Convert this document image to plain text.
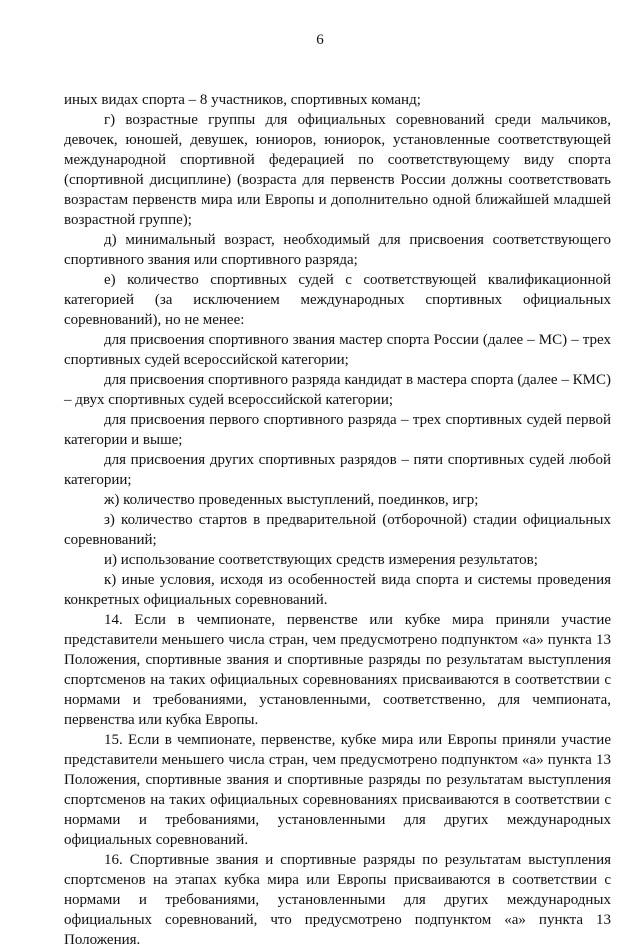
6

иных видах спорта – 8 участников, спортивных команд;

г) возрастные группы для официальных соревнований среди мальчиков, девочек, юношей, девушек, юниоров, юниорок, установленные соответствующей международной спортивной федерацией по соответствующему виду спорта (спортивной дисциплине) (возраста для первенств России должны соответствовать возрастам первенств мира или Европы и дополнительно одной ближайшей младшей возрастной группе);

д) минимальный возраст, необходимый для присвоения соответствующего спортивного звания или спортивного разряда;

е) количество спортивных судей с соответствующей квалификационной категорией (за исключением международных спортивных официальных соревнований), но не менее:

для присвоения спортивного звания мастер спорта России (далее – МС) – трех спортивных судей всероссийской категории;

для присвоения спортивного разряда кандидат в мастера спорта (далее – КМС) – двух спортивных судей всероссийской категории;

для присвоения первого спортивного разряда – трех спортивных судей первой категории и выше;

для присвоения других спортивных разрядов – пяти спортивных судей любой категории;

ж) количество проведенных выступлений, поединков, игр;

з) количество стартов в предварительной (отборочной) стадии официальных соревнований;

и) использование соответствующих средств измерения результатов;

к) иные условия, исходя из особенностей вида спорта и системы проведения конкретных официальных соревнований.

14. Если в чемпионате, первенстве или кубке мира приняли участие представители меньшего числа стран, чем предусмотрено подпунктом «а» пункта 13 Положения, спортивные звания и спортивные разряды по результатам выступления спортсменов на таких официальных соревнованиях присваиваются в соответствии с нормами и требованиями, установленными, соответственно, для чемпионата, первенства или кубка Европы.

15. Если в чемпионате, первенстве, кубке мира или Европы приняли участие представители меньшего числа стран, чем предусмотрено подпунктом «а» пункта 13 Положения, спортивные звания и спортивные разряды по результатам выступления спортсменов на таких официальных соревнованиях присваиваются в соответствии с нормами и требованиями, установленными для других международных официальных соревнований.

16. Спортивные звания и спортивные разряды по результатам выступления спортсменов на этапах кубка мира или Европы присваиваются в соответствии с нормами и требованиями, установленными для других международных официальных соревнований, что предусмотрено подпунктом «а» пункта 13 Положения.
